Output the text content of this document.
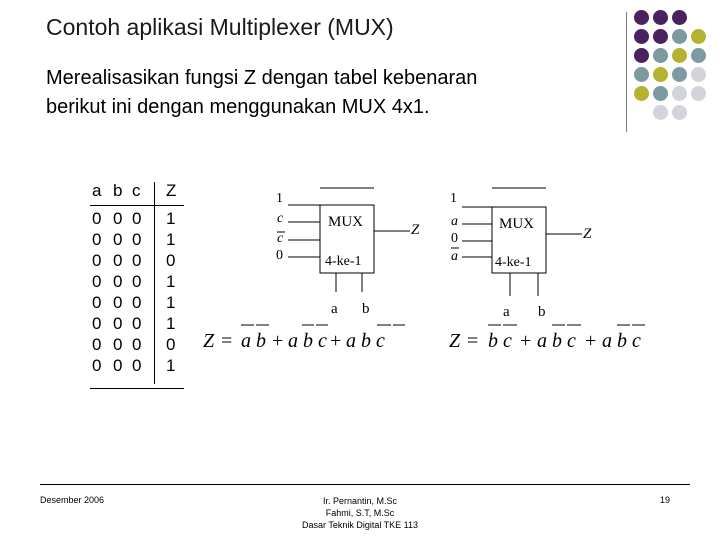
Contoh aplikasi Multiplexer (MUX)
Merealisasikan fungsi Z dengan tabel kebenaran
berikut ini dengan menggunakan MUX 4x1.
a b c Z
0 0 0 1
0 0 0 1
0 0 0 0
0 0 0 1
0 0 0 1
0 0 0 1
0 0 0 0
0 0 0 1
1
c
c
0
MUX
4-ke-1
Z
a b
1
a
0
a
MUX
4-ke-1
Z
a b
Z = a b + a b c + a b c	Z = b c + a b c + a b c
Desember 2006	Ir. Pernantin, M.Sc
Fahmi, S.T, M.Sc
Dasar Teknik Digital TKE 113
19
